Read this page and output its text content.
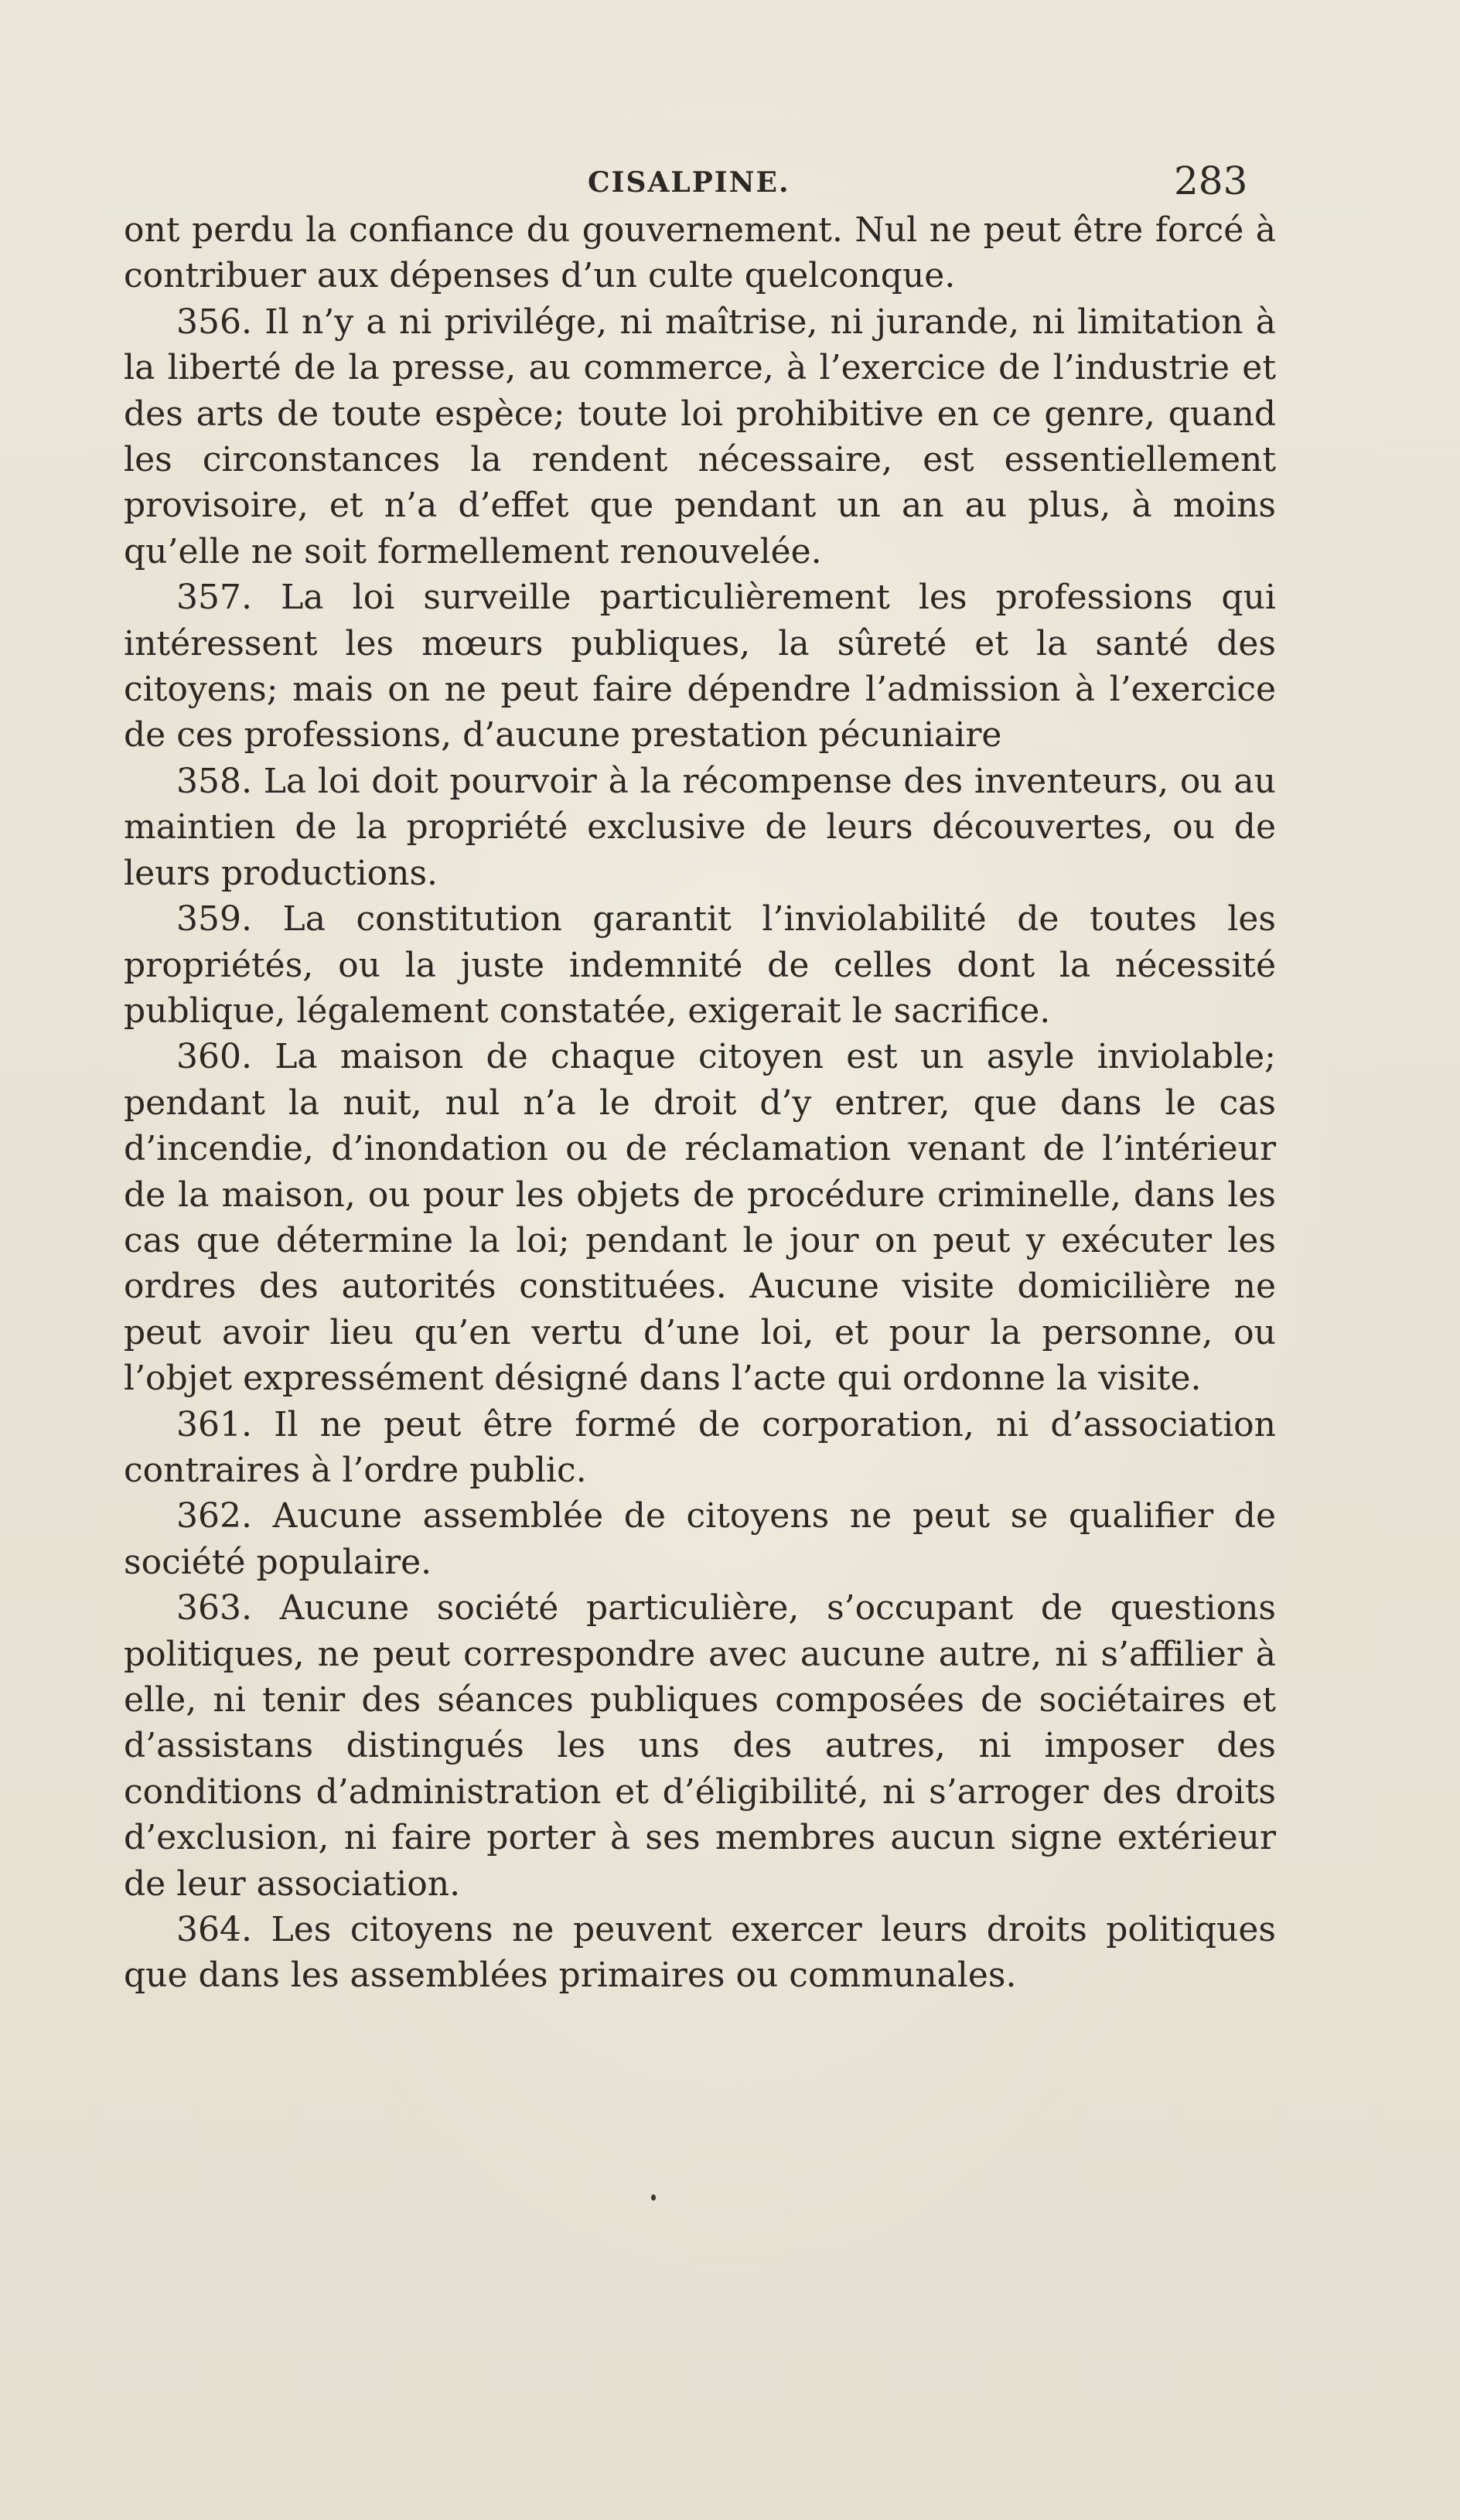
CISALPINE.	283

ont perdu la confiance du gouvernement. Nul ne peut être forcé à contribuer aux dépenses d’un culte quelconque.

356. Il n’y a ni privilége, ni maîtrise, ni jurande, ni limitation à la liberté de la presse, au commerce, à l’exercice de l’industrie et des arts de toute espèce; toute loi prohibitive en ce genre, quand les circonstances la rendent nécessaire, est essentiellement provisoire, et n’a d’effet que pendant un an au plus, à moins qu’elle ne soit formellement renouvelée.

357. La loi surveille particulièrement les professions qui intéressent les mœurs publiques, la sûreté et la santé des citoyens; mais on ne peut faire dépendre l’admission à l’exercice de ces professions, d’aucune prestation pécuniaire

358. La loi doit pourvoir à la récompense des inventeurs, ou au maintien de la propriété exclusive de leurs découvertes, ou de leurs productions.

359. La constitution garantit l’inviolabilité de toutes les propriétés, ou la juste indemnité de celles dont la nécessité publique, légalement constatée, exigerait le sacrifice.

360. La maison de chaque citoyen est un asyle inviolable; pendant la nuit, nul n’a le droit d’y entrer, que dans le cas d’incendie, d’inondation ou de réclamation venant de l’intérieur de la maison, ou pour les objets de procédure criminelle, dans les cas que détermine la loi; pendant le jour on peut y exécuter les ordres des autorités constituées. Aucune visite domicilière ne peut avoir lieu qu’en vertu d’une loi, et pour la personne, ou l’objet expressément désigné dans l’acte qui ordonne la visite.

361. Il ne peut être formé de corporation, ni d’association contraires à l’ordre public.

362. Aucune assemblée de citoyens ne peut se qualifier de société populaire.

363. Aucune société particulière, s’occupant de questions politiques, ne peut correspondre avec aucune autre, ni s’affilier à elle, ni tenir des séances publiques composées de sociétaires et d’assistans distingués les uns des autres, ni imposer des conditions d’administration et d’éligibilité, ni s’arroger des droits d’exclusion, ni faire porter à ses membres aucun signe extérieur de leur association.

364. Les citoyens ne peuvent exercer leurs droits politiques que dans les assemblées primaires ou communales.
